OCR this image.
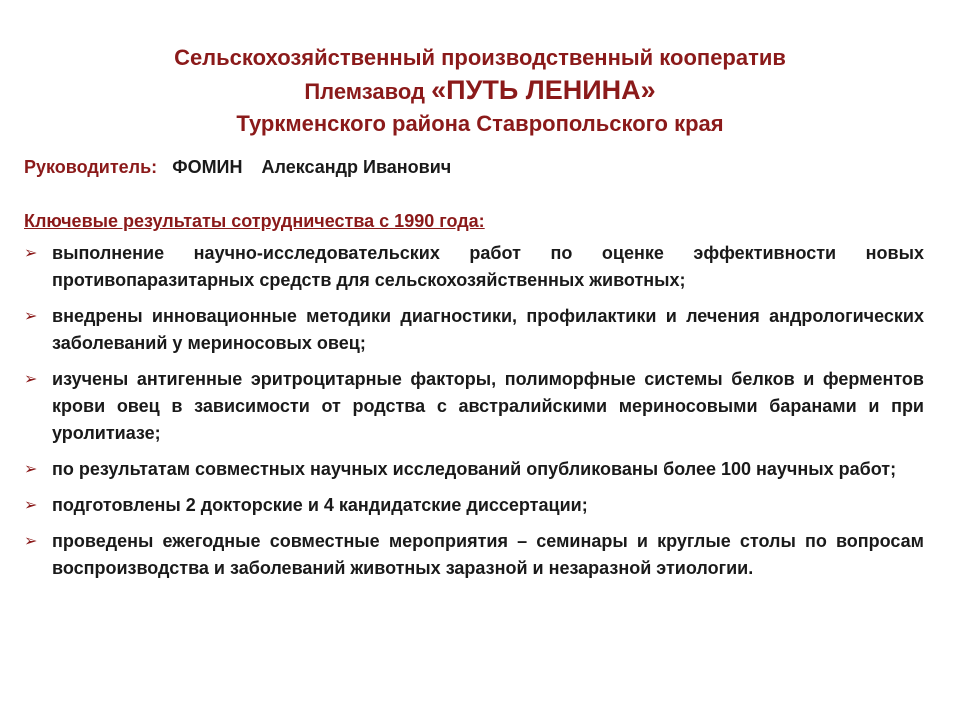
Сельскохозяйственный производственный кооператив
Племзавод «ПУТЬ ЛЕНИНА»
Туркменского района Ставропольского края
Руководитель: ФОМИН Александр Иванович
Ключевые результаты сотрудничества с 1990 года:
➢ выполнение научно-исследовательских работ по оценке эффективности новых противопаразитарных средств для сельскохозяйственных животных;
➢ внедрены инновационные методики диагностики, профилактики и лечения андрологических заболеваний у мериносовых овец;
➢ изучены антигенные эритроцитарные факторы, полиморфные системы белков и ферментов крови овец в зависимости от родства с австралийскими мериносовыми баранами и при уролитиазе;
➢ по результатам совместных научных исследований опубликованы более 100 научных работ;
➢ подготовлены 2 докторские и 4 кандидатские диссертации;
➢ проведены ежегодные совместные мероприятия – семинары и круглые столы по вопросам воспроизводства и заболеваний животных заразной и незаразной этиологии.
